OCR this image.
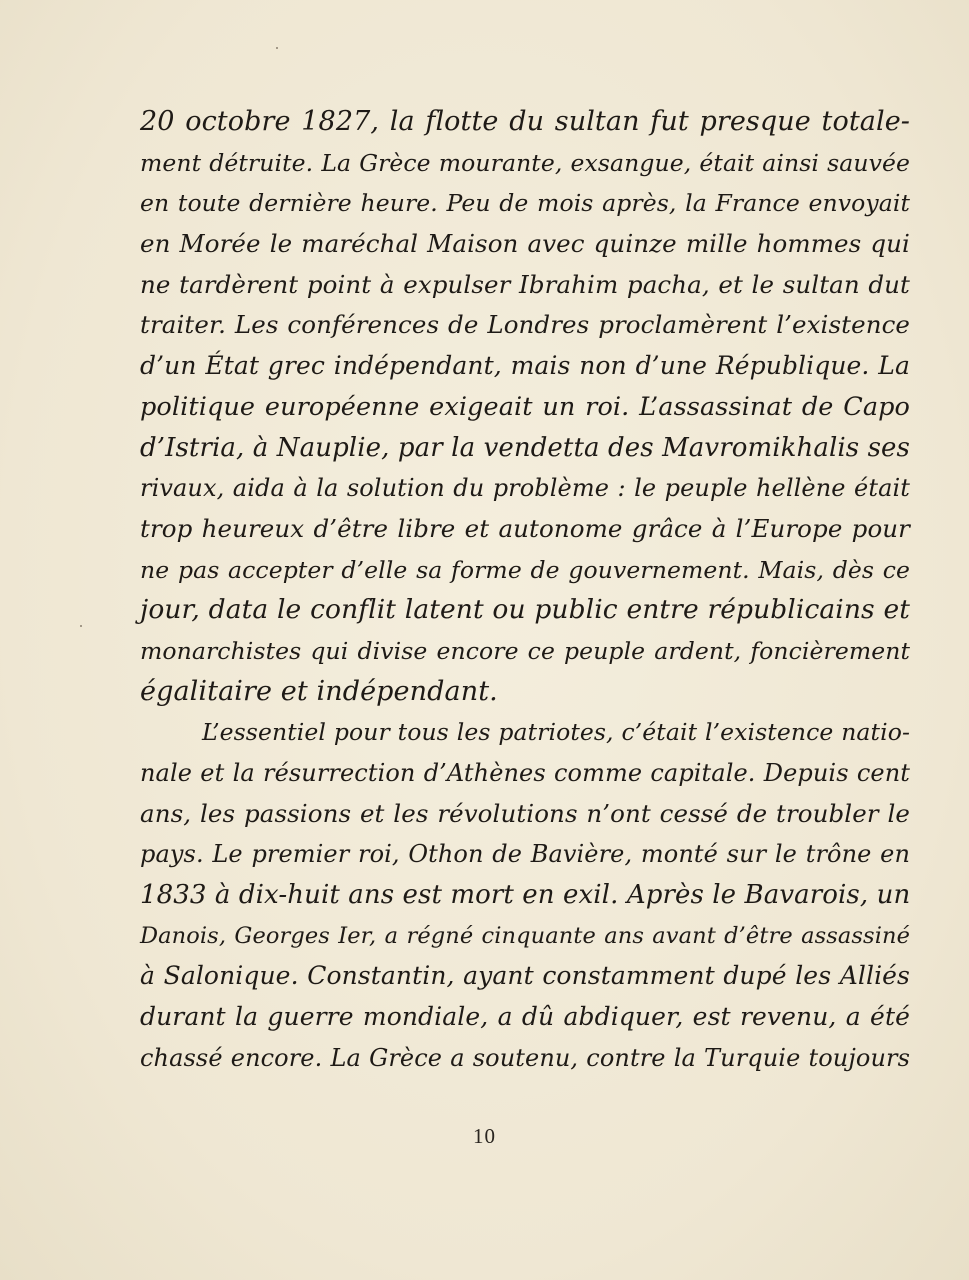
20 octobre 1827, la flotte du sultan fut presque totale-
ment détruite. La Grèce mourante, exsangue, était ainsi sauvée
en toute dernière heure. Peu de mois après, la France envoyait
en Morée le maréchal Maison avec quinze mille hommes qui
ne tardèrent point à expulser Ibrahim pacha, et le sultan dut
traiter. Les conférences de Londres proclamèrent l’existence
d’un État grec indépendant, mais non d’une République. La
politique européenne exigeait un roi. L’assassinat de Capo
d’Istria, à Nauplie, par la vendetta des Mavromikhalis ses
rivaux, aida à la solution du problème : le peuple hellène était
trop heureux d’être libre et autonome grâce à l’Europe pour
ne pas accepter d’elle sa forme de gouvernement. Mais, dès ce
jour, data le conflit latent ou public entre républicains et
monarchistes qui divise encore ce peuple ardent, foncièrement
égalitaire et indépendant.
L’essentiel pour tous les patriotes, c’était l’existence natio-
nale et la résurrection d’Athènes comme capitale. Depuis cent
ans, les passions et les révolutions n’ont cessé de troubler le
pays. Le premier roi, Othon de Bavière, monté sur le trône en
1833 à dix-huit ans est mort en exil. Après le Bavarois, un
Danois, Georges Ier, a régné cinquante ans avant d’être assassiné
à Salonique. Constantin, ayant constamment dupé les Alliés
durant la guerre mondiale, a dû abdiquer, est revenu, a été
chassé encore. La Grèce a soutenu, contre la Turquie toujours
10
